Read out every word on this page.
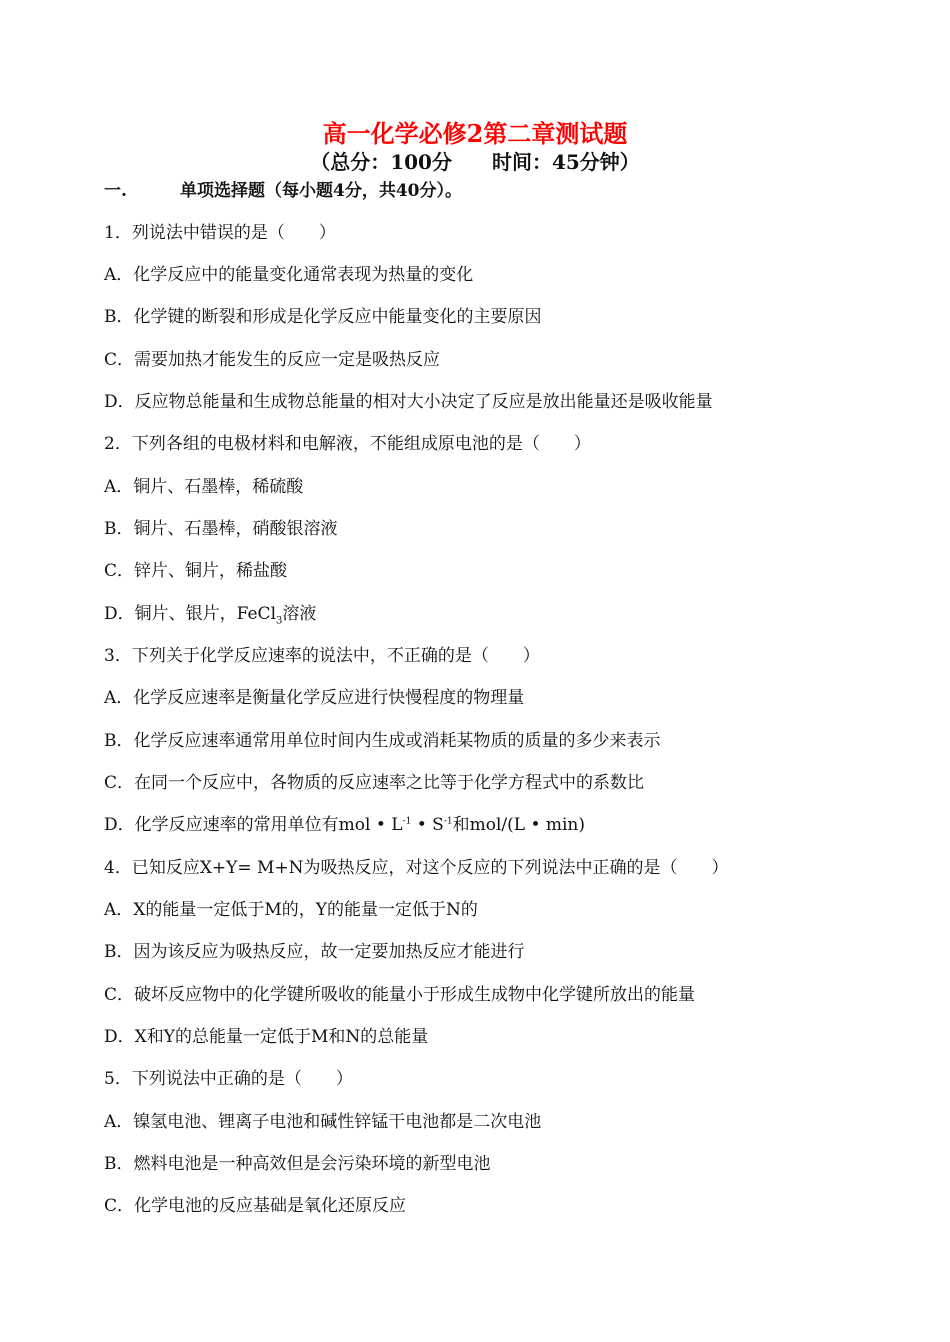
高一化学必修2第二章测试题
（总分：100分　　时间：45分钟）
一.	单项选择题（每小题4分，共40分）。
1．列说法中错误的是（　　）
A．化学反应中的能量变化通常表现为热量的变化
B．化学键的断裂和形成是化学反应中能量变化的主要原因
C．需要加热才能发生的反应一定是吸热反应
D．反应物总能量和生成物总能量的相对大小决定了反应是放出能量还是吸收能量
2．下列各组的电极材料和电解液，不能组成原电池的是（　　）
A．铜片、石墨棒，稀硫酸
B．铜片、石墨棒，硝酸银溶液
C．锌片、铜片，稀盐酸
D．铜片、银片，FeCl$_3$溶液
3．下列关于化学反应速率的说法中，不正确的是（　　）
A．化学反应速率是衡量化学反应进行快慢程度的物理量
B．化学反应速率通常用单位时间内生成或消耗某物质的质量的多少来表示
C．在同一个反应中，各物质的反应速率之比等于化学方程式中的系数比
D．化学反应速率的常用单位有mol • $L^{-1}$ • $S^{-1}$和mol/(L • min)
4．已知反应X+Y= M+N为吸热反应，对这个反应的下列说法中正确的是（　　）
A．X的能量一定低于M的，Y的能量一定低于N的
B．因为该反应为吸热反应，故一定要加热反应才能进行
C．破坏反应物中的化学键所吸收的能量小于形成生成物中化学键所放出的能量
D．X和Y的总能量一定低于M和N的总能量
5．下列说法中正确的是（　　）
A．镍氢电池、锂离子电池和碱性锌锰干电池都是二次电池
B．燃料电池是一种高效但是会污染环境的新型电池
C．化学电池的反应基础是氧化还原反应
